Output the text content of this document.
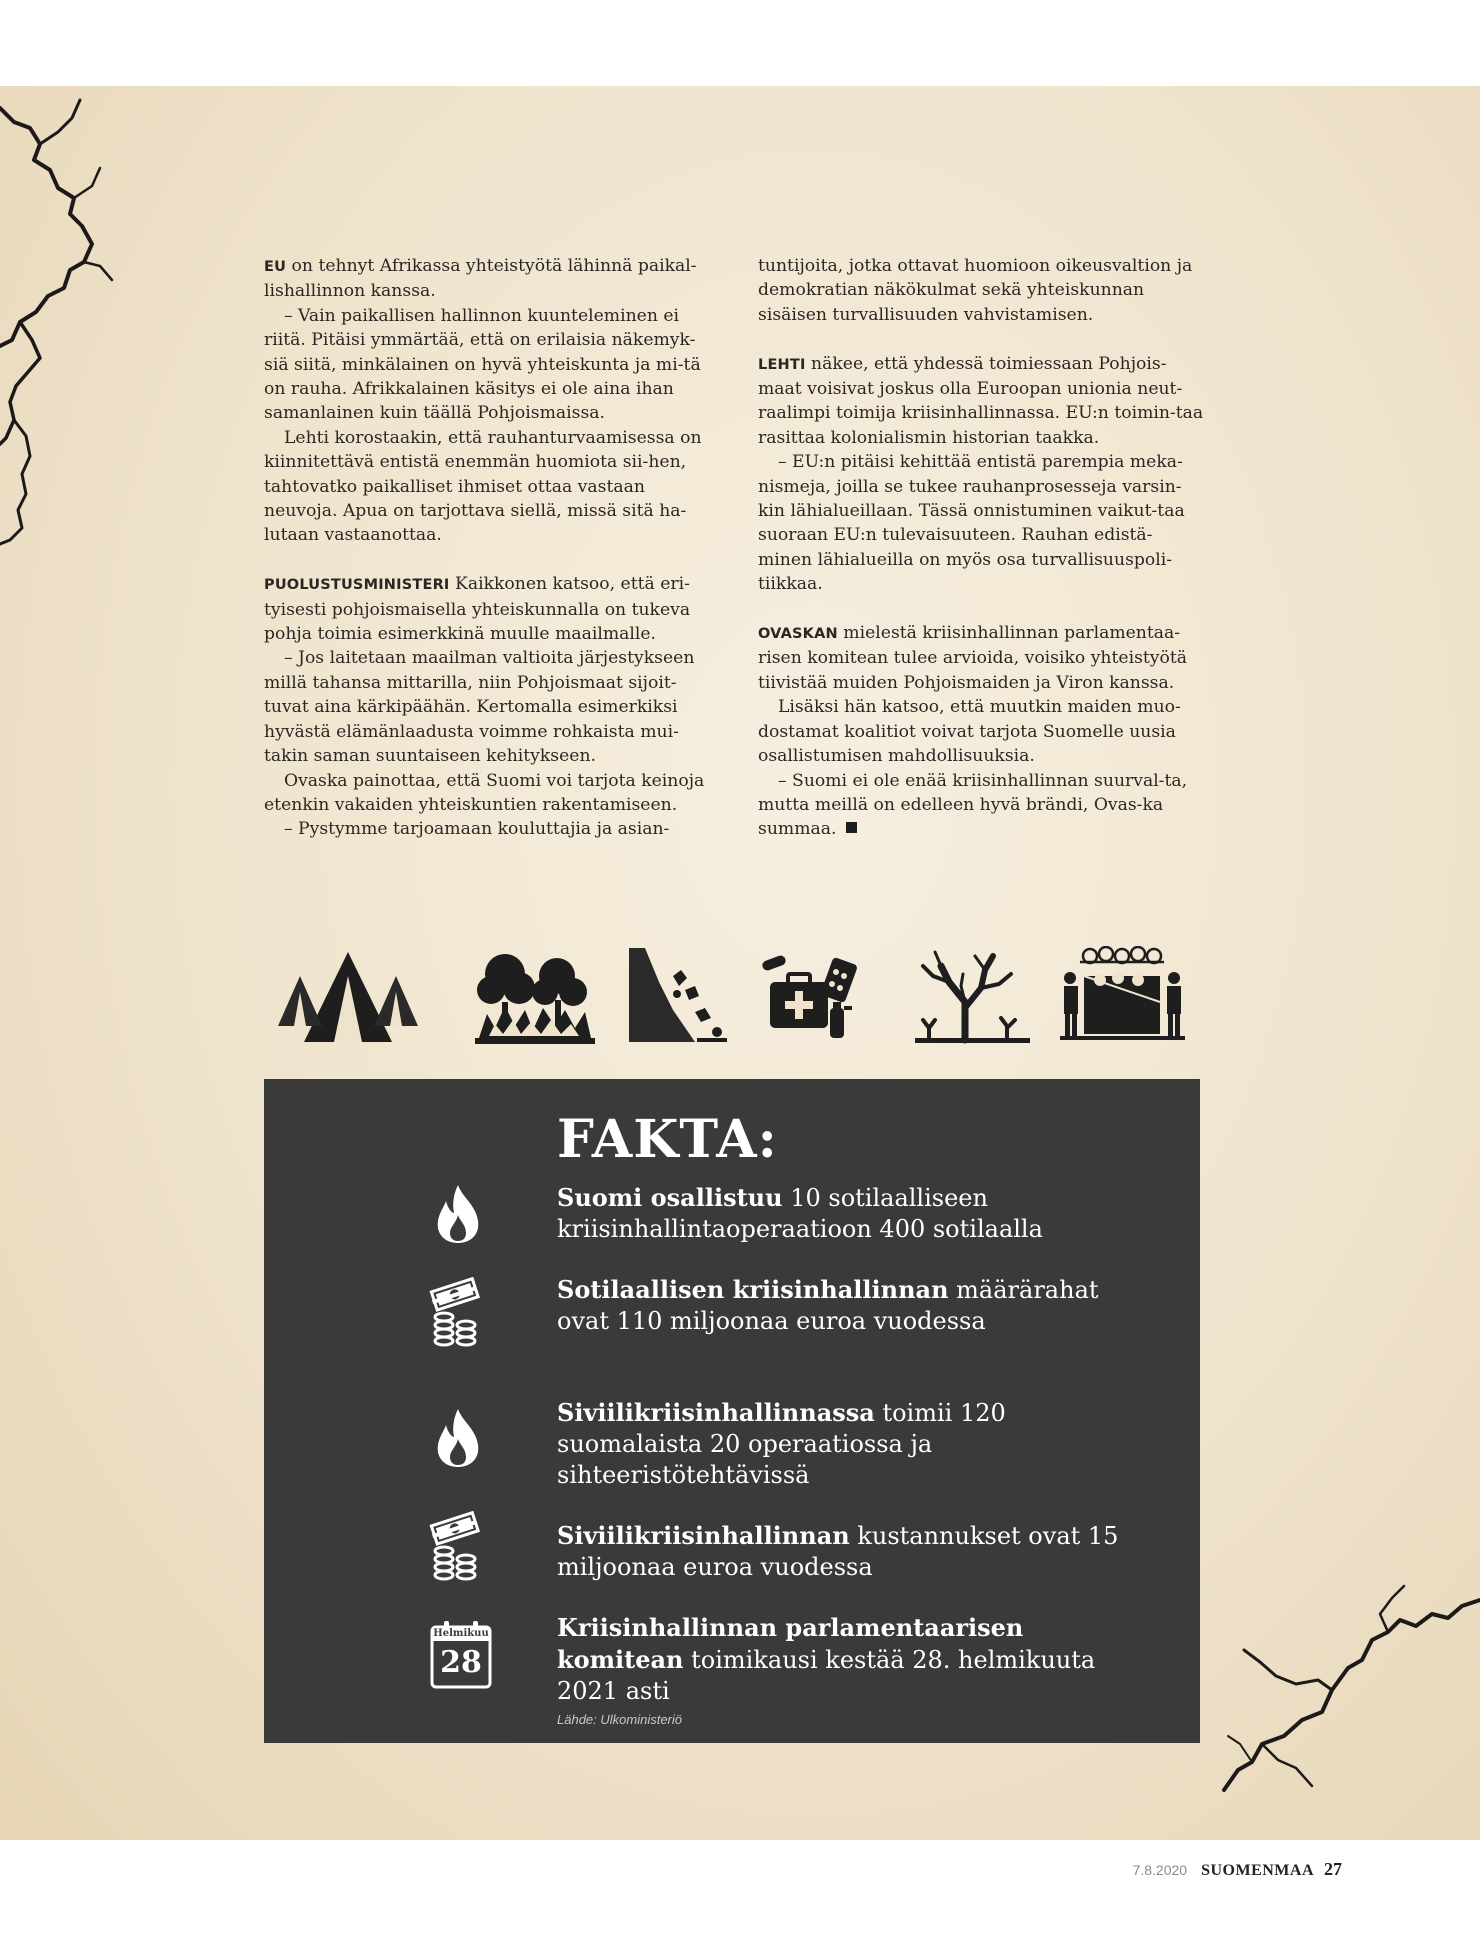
EU on tehnyt Afrikassa yhteistyötä lähinnä paikal-lishallinnon kanssa.

– Vain paikallisen hallinnon kuunteleminen ei riitä. Pitäisi ymmärtää, että on erilaisia näkemyk-siä siitä, minkälainen on hyvä yhteiskunta ja mi-tä on rauha. Afrikkalainen käsitys ei ole aina ihan samanlainen kuin täällä Pohjoismaissa.

Lehti korostaakin, että rauhanturvaamisessa on kiinnitettävä entistä enemmän huomiota sii-hen, tahtovatko paikalliset ihmiset ottaa vastaan neuvoja. Apua on tarjottava siellä, missä sitä ha-lutaan vastaanottaa.

PUOLUSTUSMINISTERI Kaikkonen katsoo, että eri-tyisesti pohjoismaisella yhteiskunnalla on tukeva pohja toimia esimerkkinä muulle maailmalle.

– Jos laitetaan maailman valtioita järjestykseen millä tahansa mittarilla, niin Pohjoismaat sijoit-tuvat aina kärkipäähän. Kertomalla esimerkiksi hyvästä elämänlaadusta voimme rohkaista mui-takin saman suuntaiseen kehitykseen.

Ovaska painottaa, että Suomi voi tarjota keinoja etenkin vakaiden yhteiskuntien rakentamiseen.

– Pystymme tarjoamaan kouluttajia ja asian-

tuntijoita, jotka ottavat huomioon oikeusvaltion ja demokratian näkökulmat sekä yhteiskunnan sisäisen turvallisuuden vahvistamisen.

LEHTI näkee, että yhdessä toimiessaan Pohjois-maat voisivat joskus olla Euroopan unionia neut-raalimpi toimija kriisinhallinnassa. EU:n toimin-taa rasittaa kolonialismin historian taakka.

– EU:n pitäisi kehittää entistä parempia meka-nismeja, joilla se tukee rauhanprosesseja varsin-kin lähialueillaan. Tässä onnistuminen vaikut-taa suoraan EU:n tulevaisuuteen. Rauhan edistä-minen lähialueilla on myös osa turvallisuuspoli-tiikkaa.

OVASKAN mielestä kriisinhallinnan parlamentaa-risen komitean tulee arvioida, voisiko yhteistyötä tiivistää muiden Pohjoismaiden ja Viron kanssa.

Lisäksi hän katsoo, että muutkin maiden muo-dostamat koalitiot voivat tarjota Suomelle uusia osallistumisen mahdollisuuksia.

– Suomi ei ole enää kriisinhallinnan suurval-ta, mutta meillä on edelleen hyvä brändi, Ovas-ka summaa.

FAKTA:
Suomi osallistuu 10 sotilaalliseen kriisinhallintaoperaatioon 400 sotilaalla
Sotilaallisen kriisinhallinnan määrärahat ovat 110 miljoonaa euroa vuodessa
Siviilikriisinhallinnassa toimii 120 suomalaista 20 operaatiossa ja sihteeristötehtävissä
Siviilikriisinhallinnan kustannukset ovat 15 miljoonaa euroa vuodessa
Helmikuu
28
Kriisinhallinnan parlamentaarisen komitean toimikausi kestää 28. helmikuuta 2021 asti
Lähde: Ulkoministeriö
7.8.2020 SUOMENMAA 27
